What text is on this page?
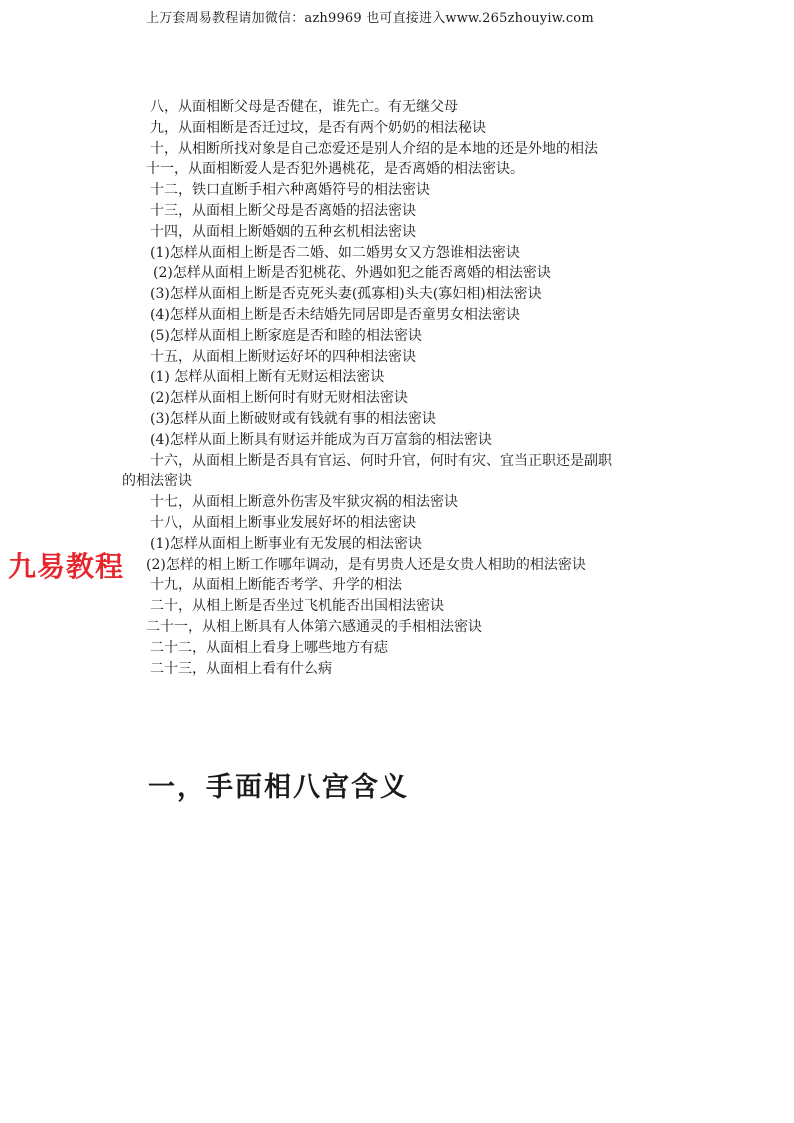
上万套周易教程请加微信：azh9969 也可直接进入www.265zhouyiw.com
八，从面相断父母是否健在，谁先亡。有无继父母
九，从面相断是否迁过坟，是否有两个奶奶的相法秘诀
十，从相断所找对象是自己恋爱还是别人介绍的是本地的还是外地的相法
十一，从面相断爱人是否犯外遇桃花，是否离婚的相法密诀。
十二，铁口直断手相六种离婚符号的相法密诀
十三，从面相上断父母是否离婚的招法密诀
十四，从面相上断婚姻的五种玄机相法密诀
(1)怎样从面相上断是否二婚、如二婚男女又方怨谁相法密诀
(2)怎样从面相上断是否犯桃花、外遇如犯之能否离婚的相法密诀
(3)怎样从面相上断是否克死头妻(孤寡相)头夫(寡妇相)相法密诀
(4)怎样从面相上断是否未结婚先同居即是否童男女相法密诀
(5)怎样从面相上断家庭是否和睦的相法密诀
十五，从面相上断财运好坏的四种相法密诀
(1) 怎样从面相上断有无财运相法密诀
(2)怎样从面相上断何时有财无财相法密诀
(3)怎样从面上断破财或有钱就有事的相法密诀
(4)怎样从面上断具有财运并能成为百万富翁的相法密诀
十六，从面相上断是否具有官运、何时升官，何时有灾、宜当正职还是副职
的相法密诀
十七，从面相上断意外伤害及牢狱灾祸的相法密诀
十八，从面相上断事业发展好坏的相法密诀
(1)怎样从面相上断事业有无发展的相法密诀
(2)怎样的相上断工作哪年调动，是有男贵人还是女贵人相助的相法密诀
十九，从面相上断能否考学、升学的相法
二十，从相上断是否坐过飞机能否出国相法密诀
二十一，从相上断具有人体第六感通灵的手相相法密诀
二十二，从面相上看身上哪些地方有痣
二十三，从面相上看有什么病
九易教程
一，手面相八宫含义
